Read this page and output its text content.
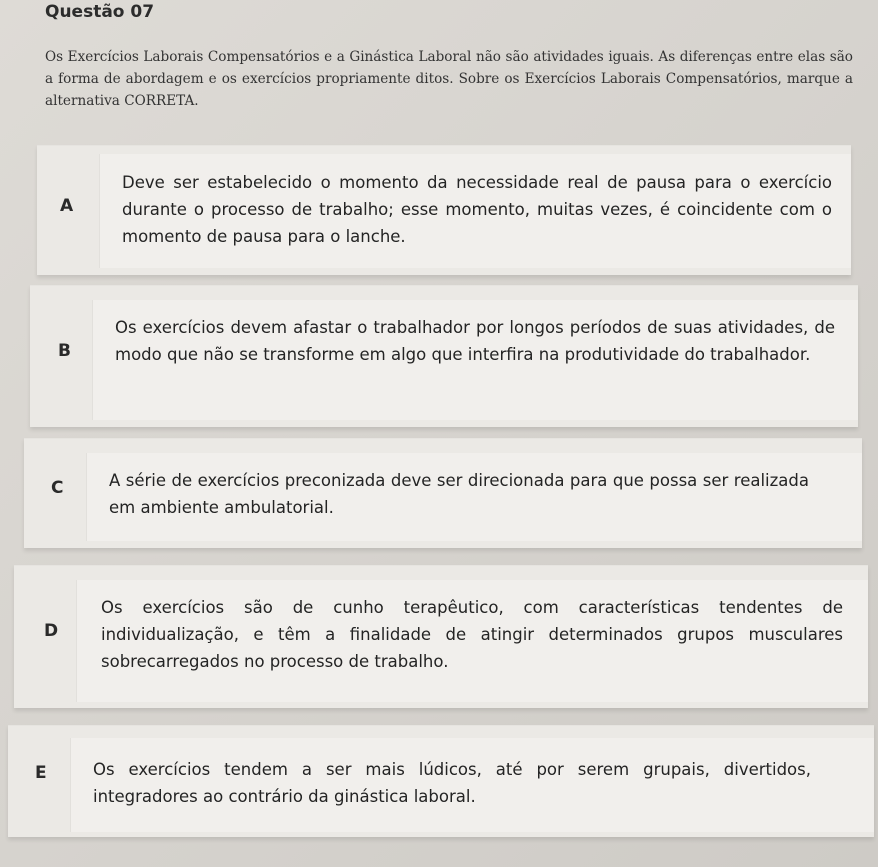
Questão 07
Os Exercícios Laborais Compensatórios e a Ginástica Laboral não são atividades iguais. As diferenças entre elas são a forma de abordagem e os exercícios propriamente ditos. Sobre os Exercícios Laborais Compensatórios, marque a alternativa CORRETA.
A
Deve ser estabelecido o momento da necessidade real de pausa para o exercício durante o processo de trabalho; esse momento, muitas vezes, é coincidente com o momento de pausa para o lanche.
B
Os exercícios devem afastar o trabalhador por longos períodos de suas atividades, de modo que não se transforme em algo que interfira na produtividade do trabalhador.
C	A série de exercícios preconizada deve ser direcionada para que possa ser realizada em ambiente ambulatorial.
D
Os exercícios são de cunho terapêutico, com características tendentes de individualização, e têm a finalidade de atingir determinados grupos musculares sobrecarregados no processo de trabalho.
E	Os exercícios tendem a ser mais lúdicos, até por serem grupais, divertidos, integradores ao contrário da ginástica laboral.
